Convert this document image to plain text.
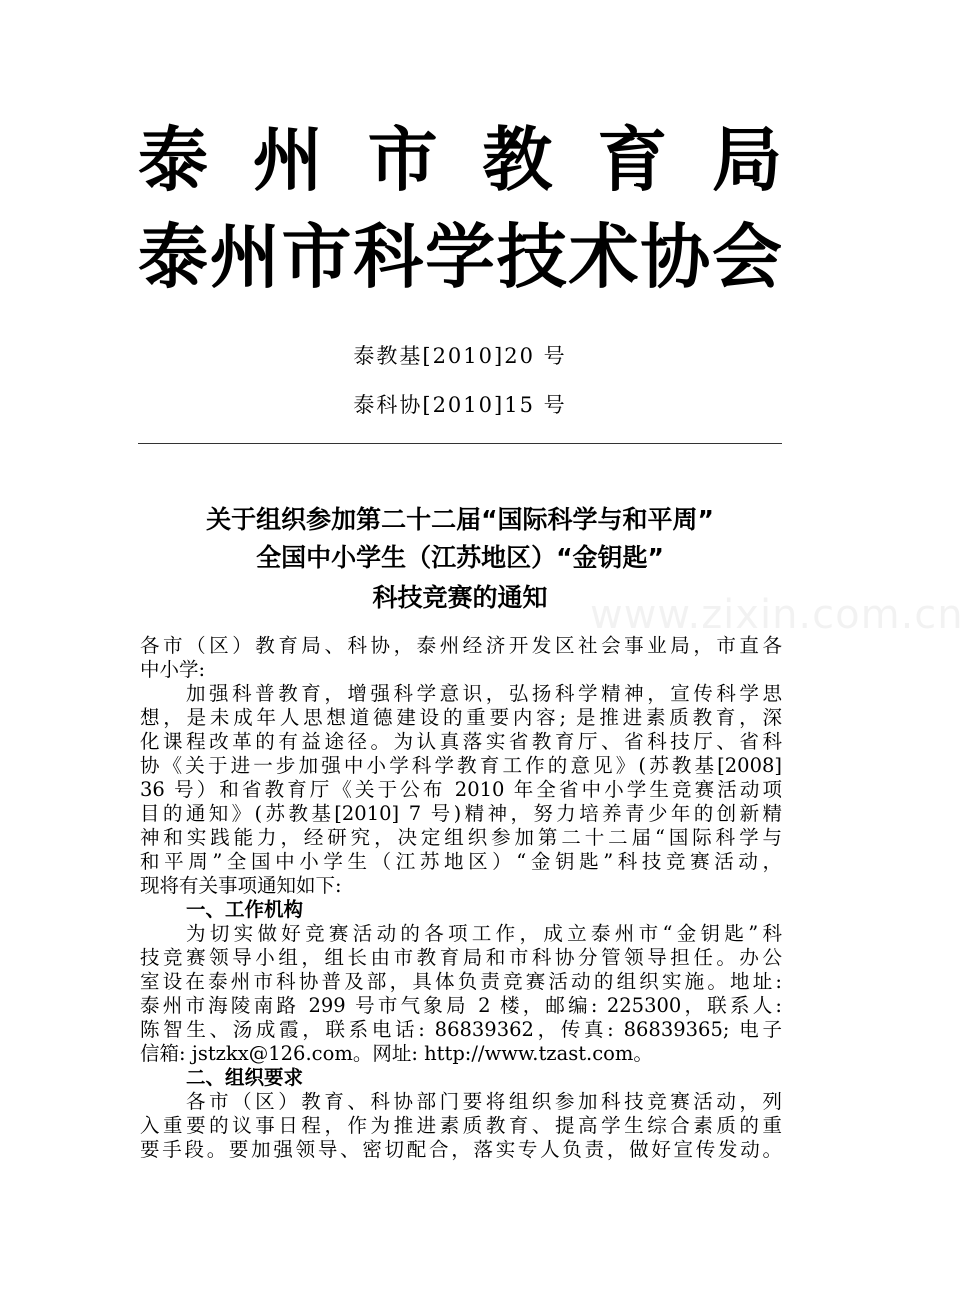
泰 州 市 教 育 局
泰 州 市 科 学 技 术 协 会
泰教基[2010]20 号
泰科协[2010]15 号
关于组织参加第二十二届“国际科学与和平周”
全国中小学生（江苏地区）“金钥匙”
科技竞赛的通知	www.zixin.com.cn
各市（区）教育局、科协，泰州经济开发区社会事业局，市直各
中小学:
加强科普教育，增强科学意识，弘扬科学精神，宣传科学思
想，是未成年人思想道德建设的重要内容; 是推进素质教育，深
化课程改革的有益途径。为认真落实省教育厅、省科技厅、省科
协《关于进一步加强中小学科学教育工作的意见》(苏教基[2008]
36 号）和省教育厅《关于公布 2010 年全省中小学生竞赛活动项
目的通知》(苏教基[2010] 7 号)精神，努力培养青少年的创新精
神和实践能力，经研究，决定组织参加第二十二届“国际科学与
和平周”全国中小学生（江苏地区）“金钥匙”科技竞赛活动，
现将有关事项通知如下:
一、工作机构
为切实做好竞赛活动的各项工作，成立泰州市“金钥匙”科
技竞赛领导小组，组长由市教育局和市科协分管领导担任。办公
室设在泰州市科协普及部，具体负责竞赛活动的组织实施。地址:
泰州市海陵南路 299 号市气象局 2 楼，邮编: 225300，联系人:
陈智生、汤成霞，联系电话: 86839362，传真: 86839365; 电子
信箱: jstzkx@126.com。网址: http://www.tzast.com。
二、组织要求
各市（区）教育、科协部门要将组织参加科技竞赛活动，列
入重要的议事日程，作为推进素质教育、提高学生综合素质的重
要手段。要加强领导、密切配合，落实专人负责，做好宣传发动。
